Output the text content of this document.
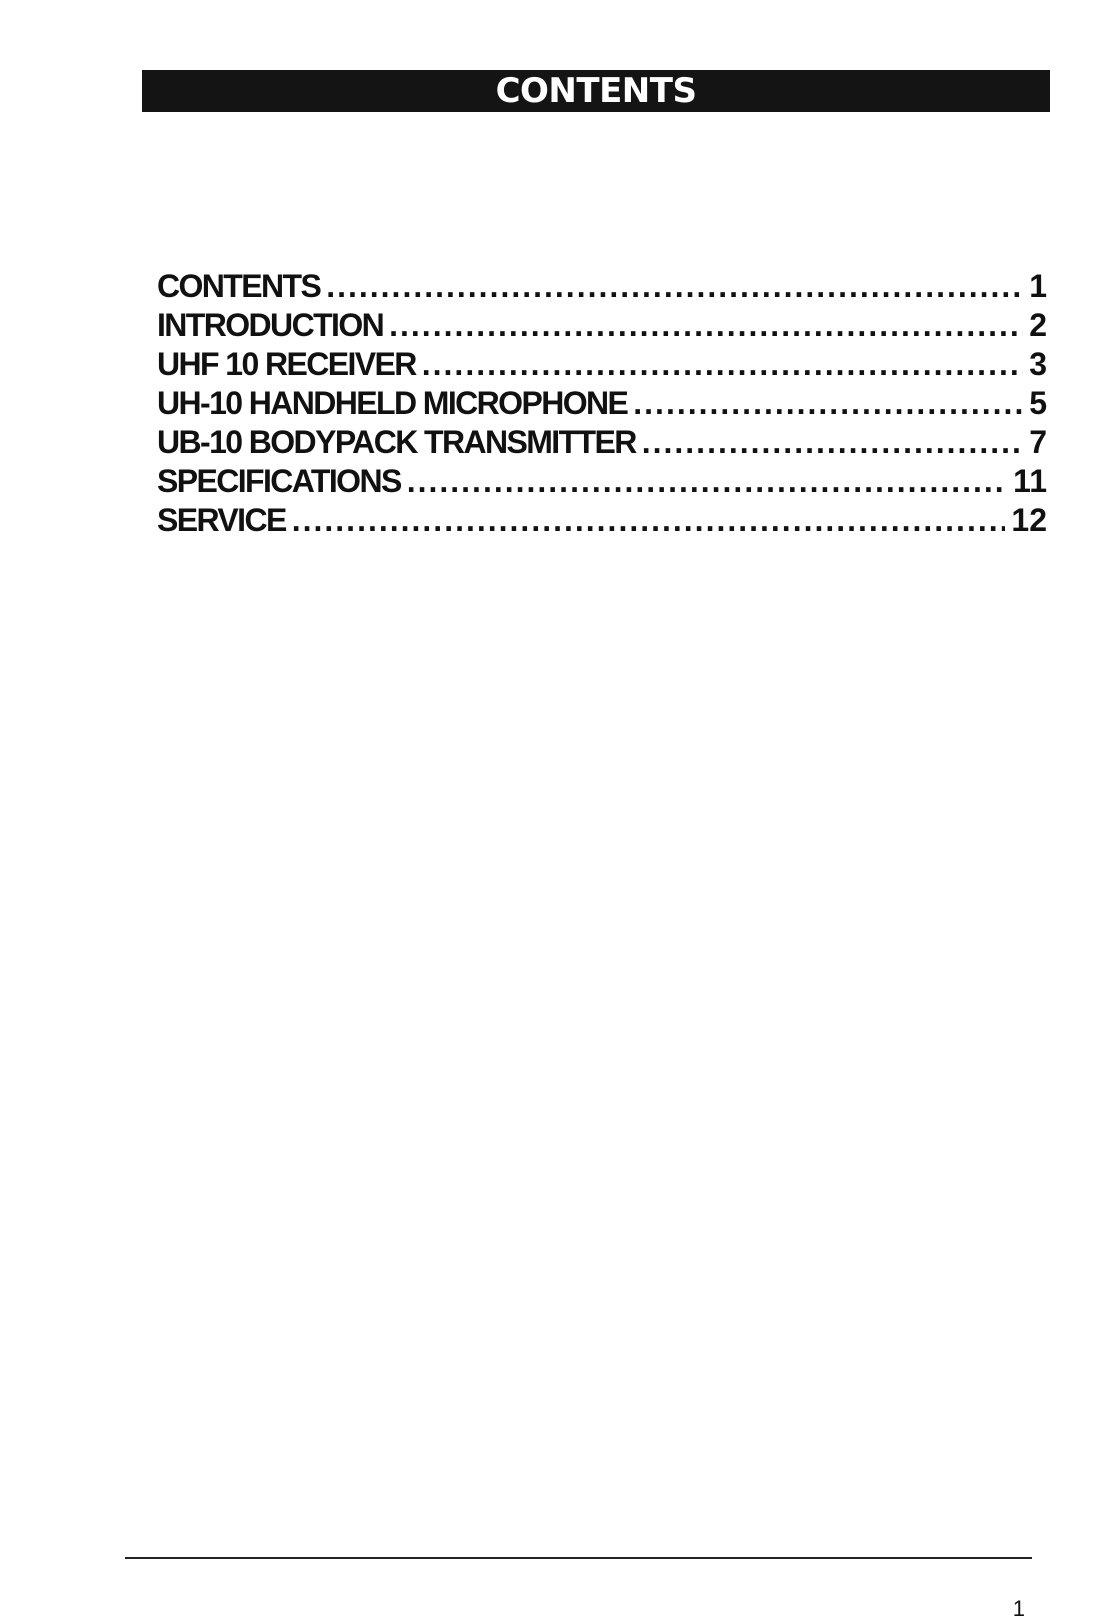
CONTENTS
CONTENTS .....	1
INTRODUCTION .....	2
UHF 10 RECEIVER .....	3
UH-10 HANDHELD MICROPHONE .....	5
UB-10 BODYPACK TRANSMITTER .....	7
SPECIFICATIONS .....	11
SERVICE .....	12
1
